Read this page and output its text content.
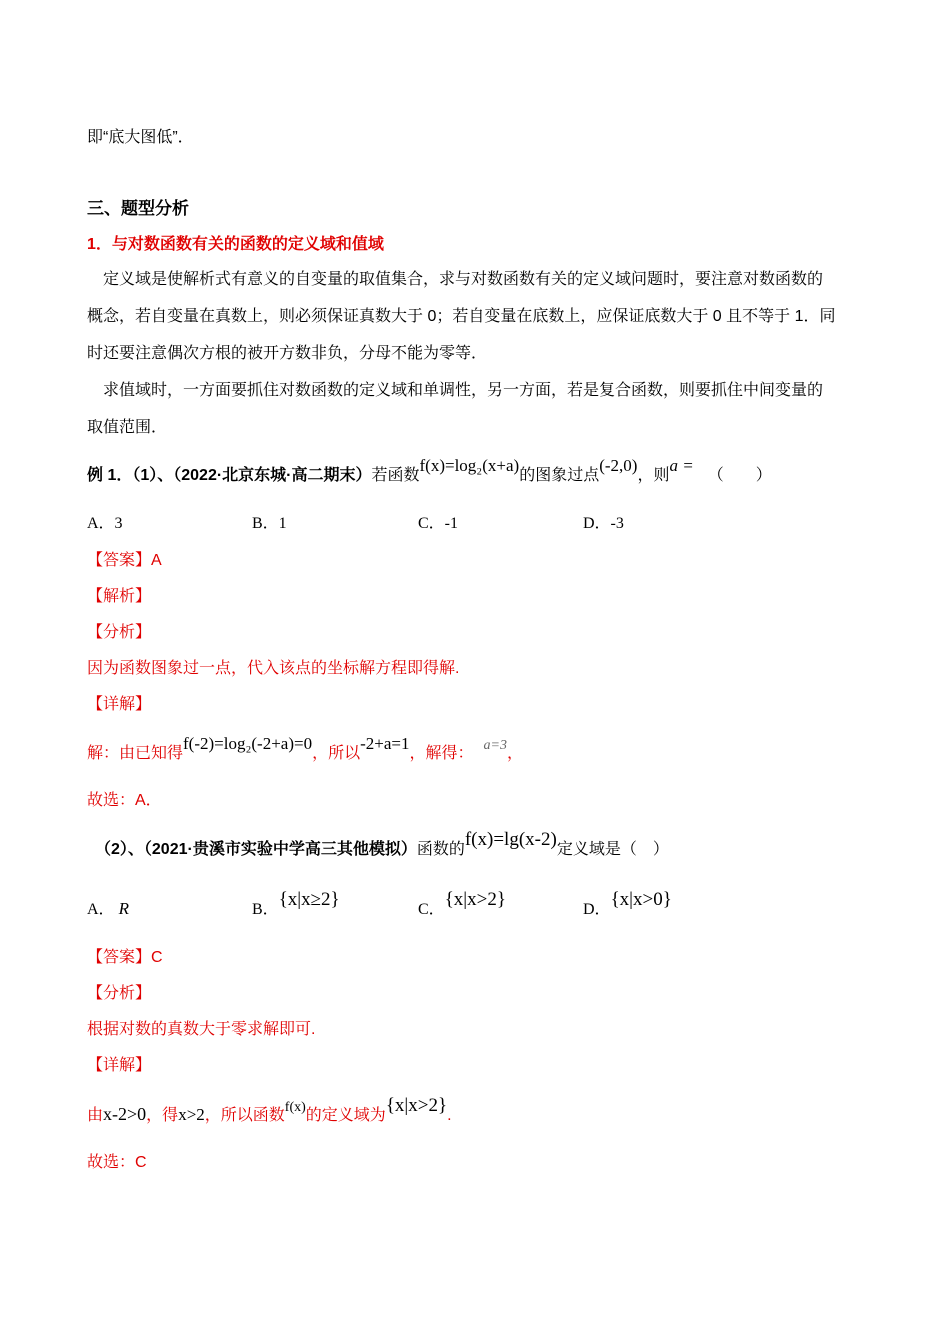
即“底大图低”．
三、题型分析
1．与对数函数有关的函数的定义域和值域
定义域是使解析式有意义的自变量的取值集合，求与对数函数有关的定义域问题时，要注意对数函数的
概念，若自变量在真数上，则必须保证真数大于 0；若自变量在底数上，应保证底数大于 0 且不等于 1．同
时还要注意偶次方根的被开方数非负，分母不能为零等．
求值域时，一方面要抓住对数函数的定义域和单调性，另一方面，若是复合函数，则要抓住中间变量的
取值范围．
例 1．（1）、（2022·北京东城·高二期末）若函数f(x)=log₂(x+a)的图象过点(-2,0)，则a =（　　）
A．3	B．1	C．-1	D．-3
【答案】A
【解析】
【分析】
因为函数图象过一点，代入该点的坐标解方程即得解.
【详解】
解：由已知得f(-2)=log₂(-2+a)=0，所以-2+a=1，解得： a=3，
故选：A．
（2）、（2021·贵溪市实验中学高三其他模拟）函数的f(x)=lg(x-2)定义域是（　）
A． R	B．{x|x≥2}	C．{x|x>2}	D．{x|x>0}
【答案】C
【分析】
根据对数的真数大于零求解即可.
【详解】
由x-2>0，得x>2，所以函数f(x)的定义域为{x|x>2}.
故选：C
